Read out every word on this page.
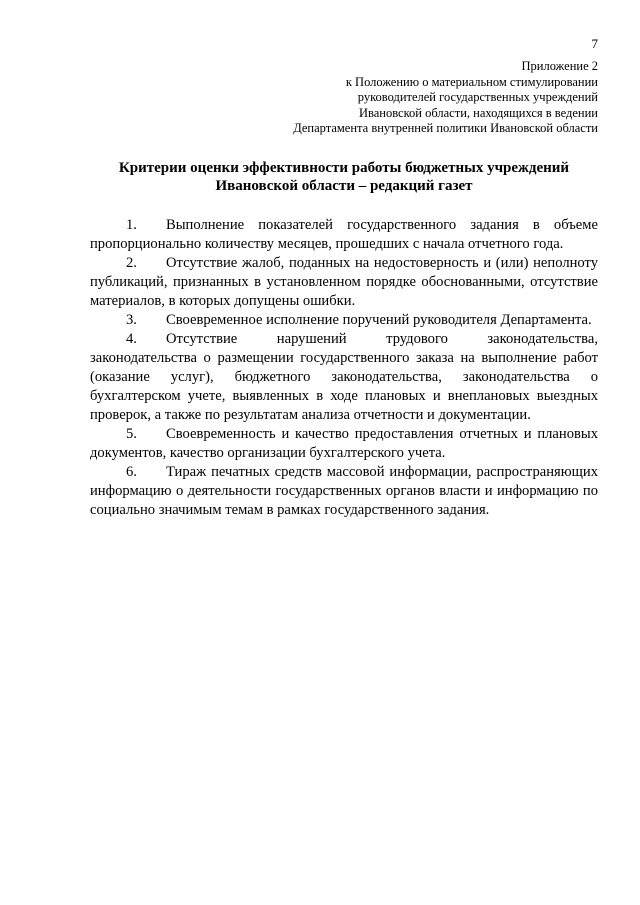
7
Приложение 2
к Положению о материальном стимулировании
руководителей государственных учреждений
Ивановской области, находящихся в ведении
Департамента внутренней политики Ивановской области
Критерии оценки эффективности работы бюджетных учреждений
Ивановской области – редакций газет

1. Выполнение показателей государственного задания в объеме пропорционально количеству месяцев, прошедших с начала отчетного года.

2. Отсутствие жалоб, поданных на недостоверность и (или) неполноту публикаций, признанных в установленном порядке обоснованными, отсутствие материалов, в которых допущены ошибки.

3. Своевременное исполнение поручений руководителя Департамента.

4. Отсутствие нарушений трудового законодательства, законодательства о размещении государственного заказа на выполнение работ (оказание услуг), бюджетного законодательства, законодательства о бухгалтерском учете, выявленных в ходе плановых и внеплановых выездных проверок, а также по результатам анализа отчетности и документации.

5. Своевременность и качество предоставления отчетных и плановых документов, качество организации бухгалтерского учета.

6. Тираж печатных средств массовой информации, распространяющих информацию о деятельности государственных органов власти и информацию по социально значимым темам в рамках государственного задания.
